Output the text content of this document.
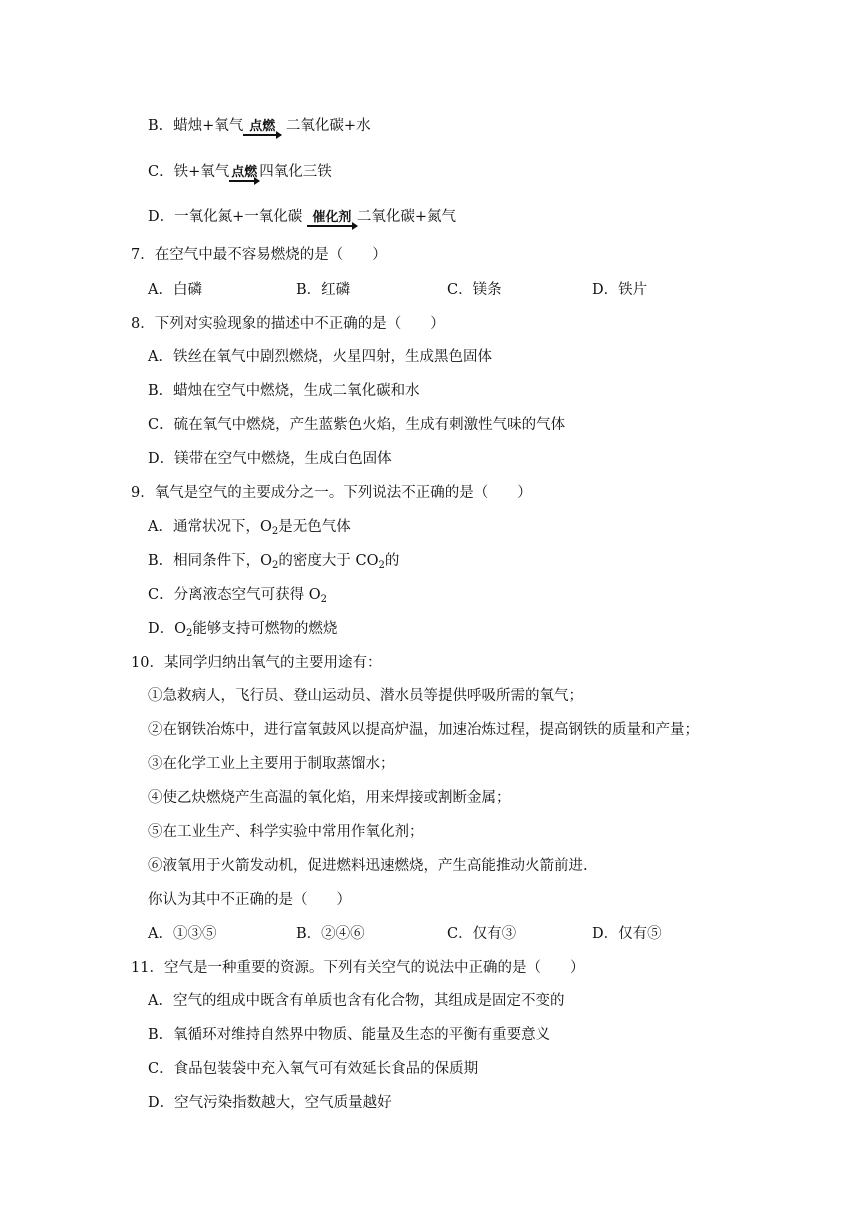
B．蜡烛+氧气 点燃 二氧化碳+水
C．铁+氧气 点燃 四氧化三铁
D．一氧化氮+一氧化碳 催化剂 二氧化碳+氮气
7．在空气中最不容易燃烧的是（　　）
A．白磷	B．红磷	C．镁条	D．铁片
8．下列对实验现象的描述中不正确的是（　　）
A．铁丝在氧气中剧烈燃烧，火星四射，生成黑色固体
B．蜡烛在空气中燃烧，生成二氧化碳和水
C．硫在氧气中燃烧，产生蓝紫色火焰，生成有刺激性气味的气体
D．镁带在空气中燃烧，生成白色固体
9．氧气是空气的主要成分之一。下列说法不正确的是（　　）
A．通常状况下，$O_2$是无色气体
B．相同条件下，$O_2$的密度大于 $CO_2$的
C．分离液态空气可获得 $O_2$
D．$O_2$能够支持可燃物的燃烧
10．某同学归纳出氧气的主要用途有：
①急救病人，飞行员、登山运动员、潜水员等提供呼吸所需的氧气；
②在钢铁冶炼中，进行富氧鼓风以提高炉温，加速冶炼过程，提高钢铁的质量和产量；
③在化学工业上主要用于制取蒸馏水；
④使乙炔燃烧产生高温的氧化焰，用来焊接或割断金属；
⑤在工业生产、科学实验中常用作氧化剂；
⑥液氧用于火箭发动机，促进燃料迅速燃烧，产生高能推动火箭前进.
你认为其中不正确的是（　　）
A．①③⑤	B．②④⑥	C．仅有③	D．仅有⑤
11．空气是一种重要的资源。下列有关空气的说法中正确的是（　　）
A．空气的组成中既含有单质也含有化合物，其组成是固定不变的
B．氧循环对维持自然界中物质、能量及生态的平衡有重要意义
C．食品包装袋中充入氧气可有效延长食品的保质期
D．空气污染指数越大，空气质量越好
